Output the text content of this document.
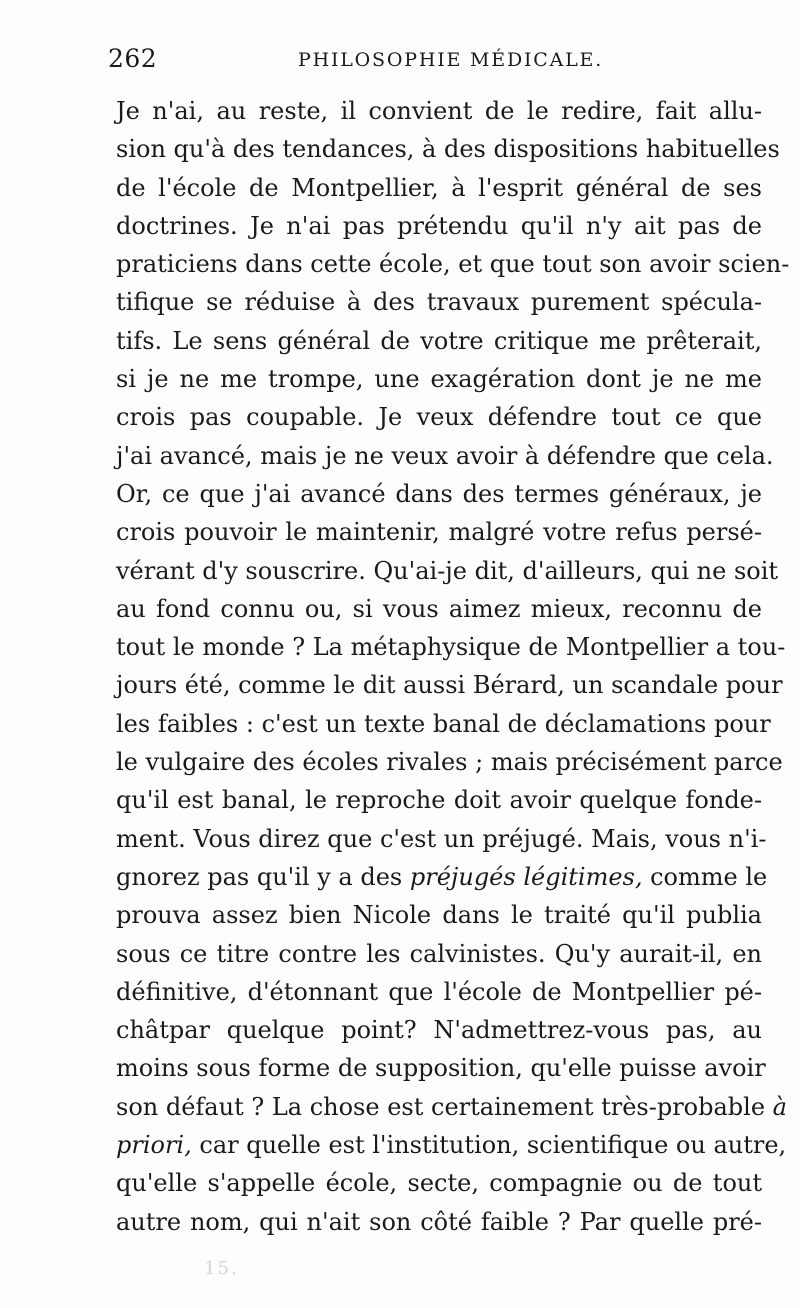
262	PHILOSOPHIE MÉDICALE.
Je n'ai, au reste, il convient de le redire, fait allu-
sion qu'à des tendances, à des dispositions habituelles
de l'école de Montpellier, à l'esprit général de ses
doctrines. Je n'ai pas prétendu qu'il n'y ait pas de
praticiens dans cette école, et que tout son avoir scien-
tifique se réduise à des travaux purement spécula-
tifs. Le sens général de votre critique me prêterait,
si je ne me trompe, une exagération dont je ne me
crois pas coupable. Je veux défendre tout ce que
j'ai avancé, mais je ne veux avoir à défendre que cela.
Or, ce que j'ai avancé dans des termes généraux, je
crois pouvoir le maintenir, malgré votre refus persé-
vérant d'y souscrire. Qu'ai-je dit, d'ailleurs, qui ne soit
au fond connu ou, si vous aimez mieux, reconnu de
tout le monde ? La métaphysique de Montpellier a tou-
jours été, comme le dit aussi Bérard, un scandale pour
les faibles : c'est un texte banal de déclamations pour
le vulgaire des écoles rivales ; mais précisément parce
qu'il est banal, le reproche doit avoir quelque fonde-
ment. Vous direz que c'est un préjugé. Mais, vous n'i-
gnorez pas qu'il y a des préjugés légitimes, comme le
prouva assez bien Nicole dans le traité qu'il publia
sous ce titre contre les calvinistes. Qu'y aurait-il, en
définitive, d'étonnant que l'école de Montpellier pé-
châtpar quelque point? N'admettrez-vous pas, au
moins sous forme de supposition, qu'elle puisse avoir
son défaut ? La chose est certainement très-probable à
priori, car quelle est l'institution, scientifique ou autre,
qu'elle s'appelle école, secte, compagnie ou de tout
autre nom, qui n'ait son côté faible ? Par quelle pré-
15.
